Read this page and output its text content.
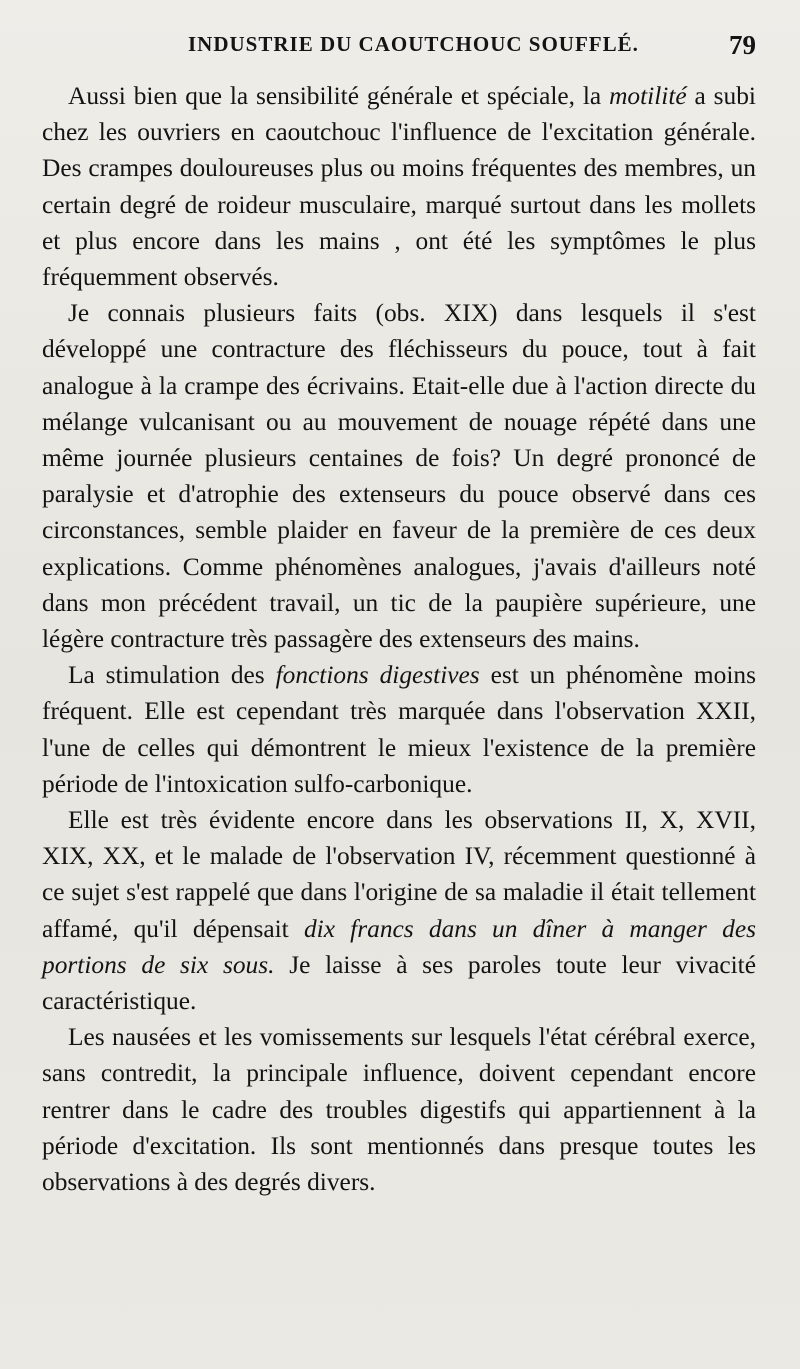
INDUSTRIE DU CAOUTCHOUC SOUFFLÉ.	79

Aussi bien que la sensibilité générale et spéciale, la motilité a subi chez les ouvriers en caoutchouc l'influence de l'excitation générale. Des crampes douloureuses plus ou moins fréquentes des membres, un certain degré de roideur musculaire, marqué surtout dans les mollets et plus encore dans les mains , ont été les symptômes le plus fréquemment observés.

Je connais plusieurs faits (obs. XIX) dans lesquels il s'est développé une contracture des fléchisseurs du pouce, tout à fait analogue à la crampe des écrivains. Etait-elle due à l'action directe du mélange vulcanisant ou au mouvement de nouage répété dans une même journée plusieurs centaines de fois? Un degré prononcé de paralysie et d'atrophie des extenseurs du pouce observé dans ces circonstances, semble plaider en faveur de la première de ces deux explications. Comme phénomènes analogues, j'avais d'ailleurs noté dans mon précédent travail, un tic de la paupière supérieure, une légère contracture très passagère des extenseurs des mains.

La stimulation des fonctions digestives est un phénomène moins fréquent. Elle est cependant très marquée dans l'observation XXII, l'une de celles qui démontrent le mieux l'existence de la première période de l'intoxication sulfo-carbonique.

Elle est très évidente encore dans les observations II, X, XVII, XIX, XX, et le malade de l'observation IV, récemment questionné à ce sujet s'est rappelé que dans l'origine de sa maladie il était tellement affamé, qu'il dépensait dix francs dans un dîner à manger des portions de six sous. Je laisse à ses paroles toute leur vivacité caractéristique.

Les nausées et les vomissements sur lesquels l'état cérébral exerce, sans contredit, la principale influence, doivent cependant encore rentrer dans le cadre des troubles digestifs qui appartiennent à la période d'excitation. Ils sont mentionnés dans presque toutes les observations à des degrés divers.
